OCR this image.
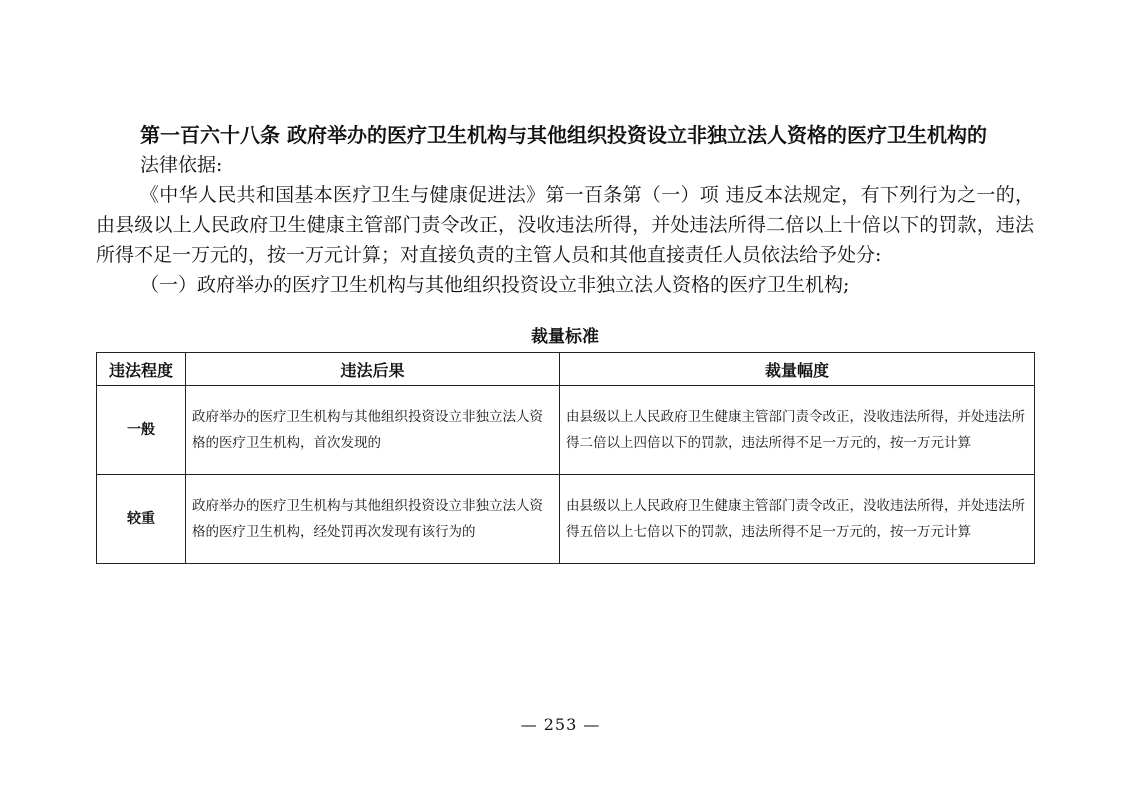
第一百六十八条 政府举办的医疗卫生机构与其他组织投资设立非独立法人资格的医疗卫生机构的

法律依据:

《中华人民共和国基本医疗卫生与健康促进法》第一百条第（一）项 违反本法规定，有下列行为之一的，由县级以上人民政府卫生健康主管部门责令改正，没收违法所得，并处违法所得二倍以上十倍以下的罚款，违法所得不足一万元的，按一万元计算；对直接负责的主管人员和其他直接责任人员依法给予处分:

（一）政府举办的医疗卫生机构与其他组织投资设立非独立法人资格的医疗卫生机构;

裁量标准
违法程度	违法后果	裁量幅度
一般	政府举办的医疗卫生机构与其他组织投资设立非独立法人资格的医疗卫生机构，首次发现的	由县级以上人民政府卫生健康主管部门责令改正，没收违法所得，并处违法所得二倍以上四倍以下的罚款，违法所得不足一万元的，按一万元计算
较重	政府举办的医疗卫生机构与其他组织投资设立非独立法人资格的医疗卫生机构，经处罚再次发现有该行为的	由县级以上人民政府卫生健康主管部门责令改正，没收违法所得，并处违法所得五倍以上七倍以下的罚款，违法所得不足一万元的，按一万元计算
— 253 —
